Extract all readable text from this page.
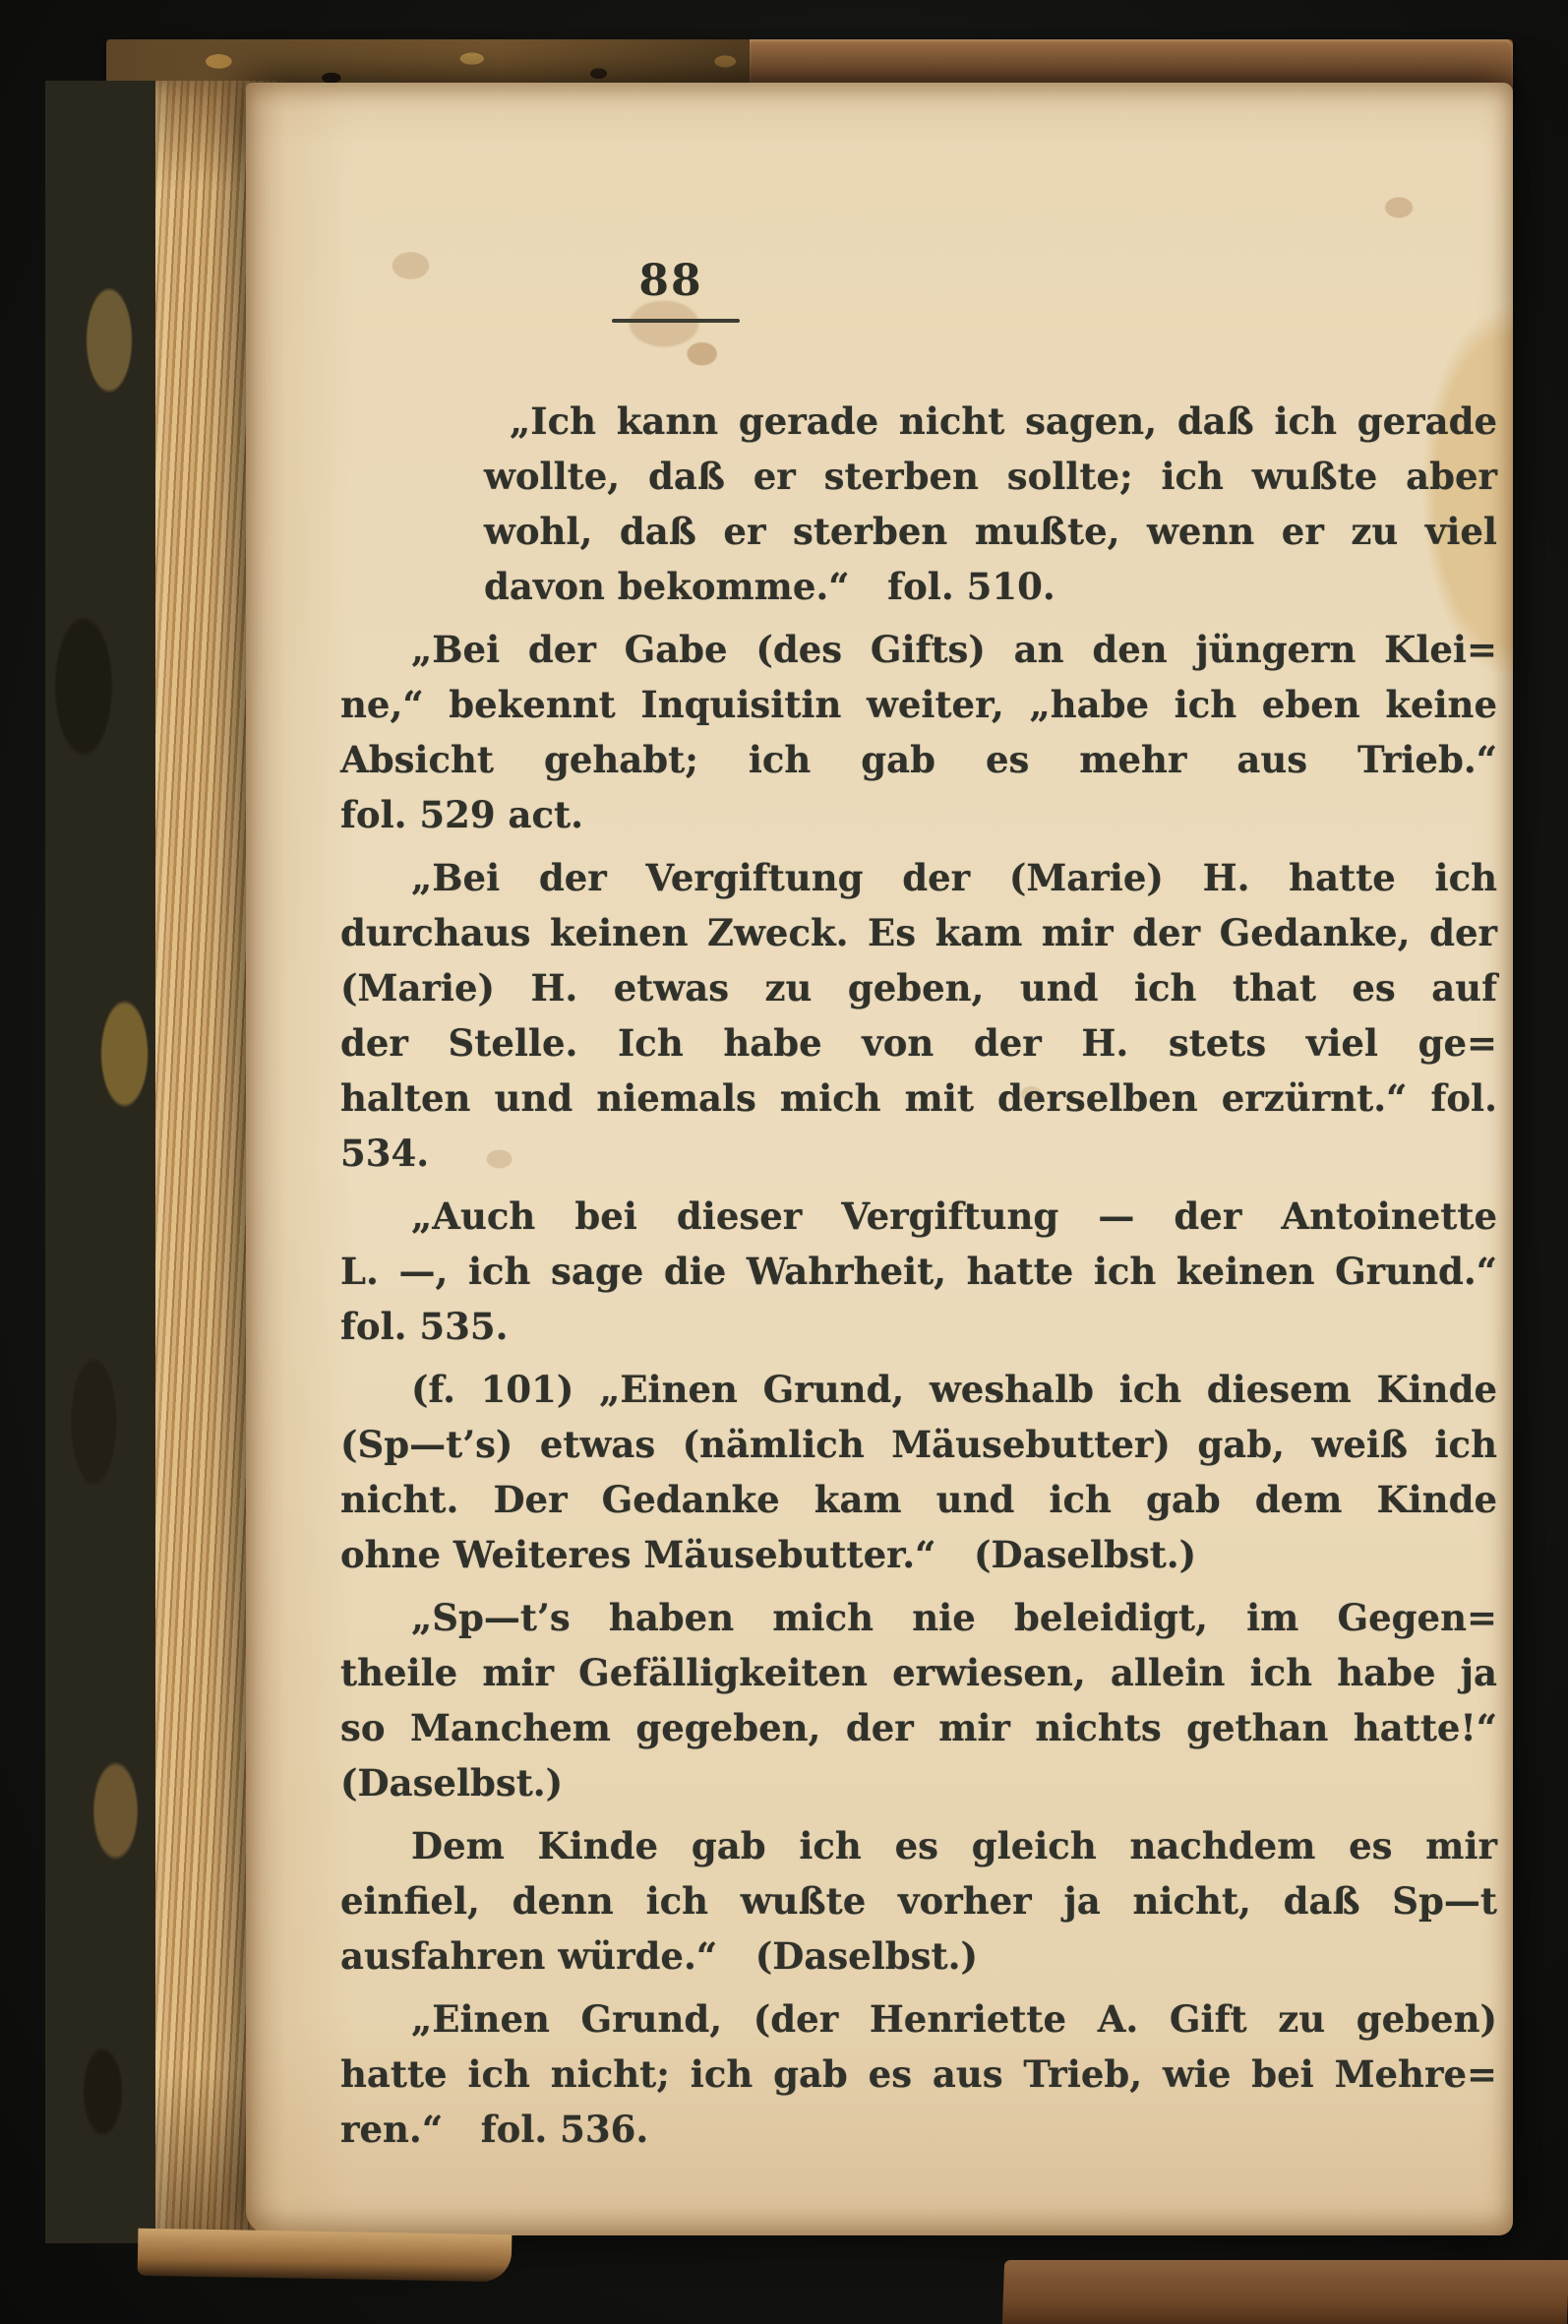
88
„Ich kann gerade nicht sagen, daß ich gerade
wollte, daß er sterben sollte; ich wußte aber
wohl, daß er sterben mußte, wenn er zu viel
davon bekomme.“   fol. 510.
„Bei der Gabe (des Gifts) an den jüngern Klei=
ne,“ bekennt Inquisitin weiter, „habe ich eben keine
Absicht gehabt; ich gab es mehr aus Trieb.“
fol. 529 act.
„Bei der Vergiftung der (Marie) H. hatte ich
durchaus keinen Zweck. Es kam mir der Gedanke, der
(Marie) H. etwas zu geben, und ich that es auf
der Stelle. Ich habe von der H. stets viel ge=
halten und niemals mich mit derselben erzürnt.“ fol. 534.
„Auch bei dieser Vergiftung — der Antoinette
L. —, ich sage die Wahrheit, hatte ich keinen Grund.“
fol. 535.
(f. 101) „Einen Grund, weshalb ich diesem Kinde
(Sp—t’s) etwas (nämlich Mäusebutter) gab, weiß ich
nicht. Der Gedanke kam und ich gab dem Kinde
ohne Weiteres Mäusebutter.“   (Daselbst.)
„Sp—t’s haben mich nie beleidigt, im Gegen=
theile mir Gefälligkeiten erwiesen, allein ich habe ja
so Manchem gegeben, der mir nichts gethan hatte!“
(Daselbst.)
Dem Kinde gab ich es gleich nachdem es mir
einfiel, denn ich wußte vorher ja nicht, daß Sp—t
ausfahren würde.“   (Daselbst.)
„Einen Grund, (der Henriette A. Gift zu geben)
hatte ich nicht; ich gab es aus Trieb, wie bei Mehre=
ren.“   fol. 536.
